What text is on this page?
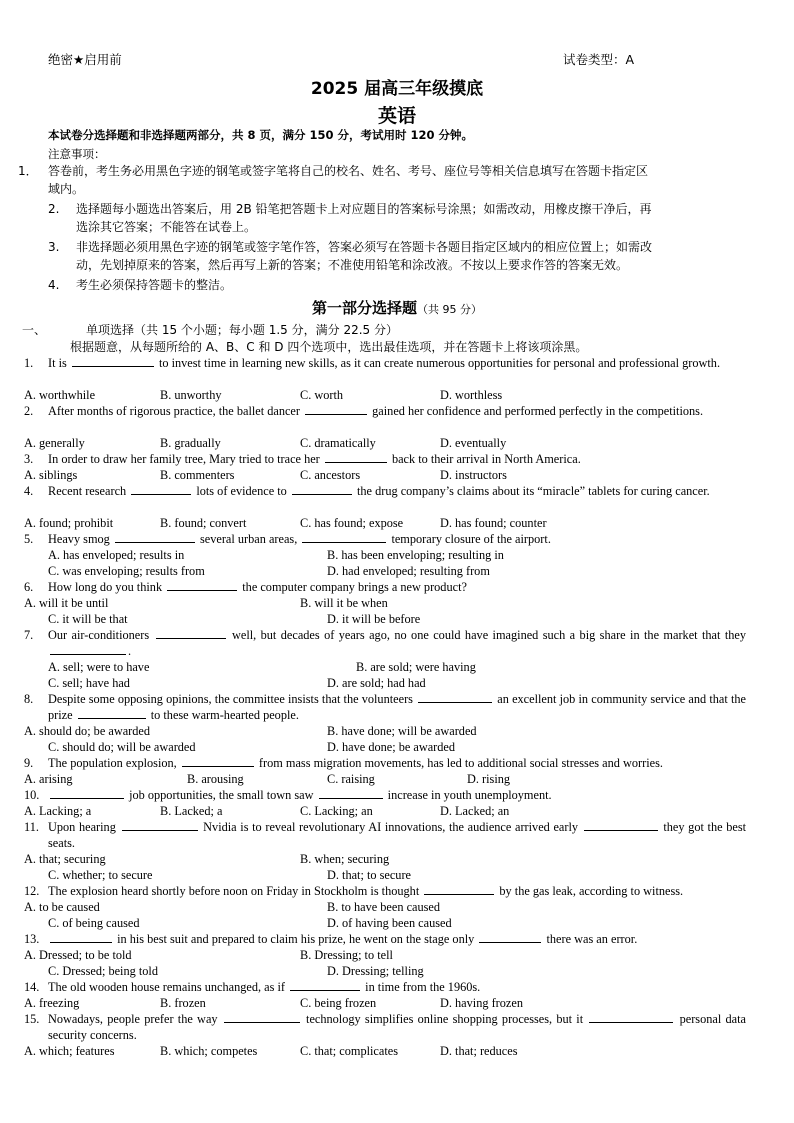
绝密★启用前	试卷类型：A
2025 届高三年级摸底
英语
本试卷分选择题和非选择题两部分，共 8 页，满分 150 分，考试用时 120 分钟。
注意事项：
1． 答卷前，考生务必用黑色字迹的钢笔或签字笔将自己的校名、姓名、考号、座位号等相关信息填写在答题卡指定区
域内。
2. 选择题每小题选出答案后，用 2B 铅笔把答题卡上对应题目的答案标号涂黑；如需改动，用橡皮擦干净后，再
选涂其它答案；不能答在试卷上。
3. 非选择题必须用黑色字迹的钢笔或签字笔作答，答案必须写在答题卡各题目指定区域内的相应位置上；如需改
动，先划掉原来的答案，然后再写上新的答案；不准使用铅笔和涂改液。不按以上要求作答的答案无效。
4. 考生必须保持答题卡的整洁。
第一部分选择题（共 95 分）
一、	单项选择（共 15 个小题；每小题 1.5 分，满分 22.5 分）
根据题意，从每题所给的 A、B、C 和 D 四个选项中，选出最佳选项，并在答题卡上将该项涂黑。
1. It is	to invest time in learning new skills, as it can create numerous opportunities for personal and professional growth.
A. worthwhile	B. unworthy	C. worth	D. worthless
2. After months of rigorous practice, the ballet dancer	gained her confidence and performed perfectly in the competitions.
A. generally	B. gradually	C. dramatically	D. eventually
3. In order to draw her family tree, Mary tried to trace her	back to their arrival in North America.
A. siblings	B. commenters	C. ancestors	D. instructors
4. Recent research	lots of evidence to	the drug company’s claims about its “miracle” tablets for curing cancer.
A. found; prohibit	B. found; convert	C. has found; expose	D. has found; counter
5. Heavy smog	several urban areas,	temporary closure of the airport.
A. has enveloped; results in	B. has been enveloping; resulting in
C. was enveloping; results from	D. had enveloped; resulting from
6. How long do you think	the computer company brings a new product?
A. will it be until	B. will it be when
C. it will be that	D. it will be before
7. Our air-conditioners	well, but decades of years ago, no one could have imagined such a big share in the market that they .
A. sell; were to have	B. are sold; were having
C. sell; have had	D. are sold; had had
8. Despite some opposing opinions, the committee insists that the volunteers	an excellent job in community service and that the prize	to these warm-hearted people.
A. should do; be awarded	B. have done; will be awarded
C. should do; will be awarded	D. have done; be awarded
9. The population explosion,	from mass migration movements, has led to additional social stresses and worries.
A. arising	B. arousing	C. raising	D. rising
10.	job opportunities, the small town saw	increase in youth unemployment.
A. Lacking; a	B. Lacked; a	C. Lacking; an	D. Lacked; an
11. Upon hearing	Nvidia is to reveal revolutionary AI innovations, the audience arrived early	they got the best seats.
A. that; securing	B. when; securing
C. whether; to secure	D. that; to secure
12. The explosion heard shortly before noon on Friday in Stockholm is thought	by the gas leak, according to witness.
A. to be caused	B. to have been caused
C. of being caused	D. of having been caused
13.	in his best suit and prepared to claim his prize, he went on the stage only	there was an error.
A. Dressed; to be told	B. Dressing; to tell
C. Dressed; being told	D. Dressing; telling
14. The old wooden house remains unchanged, as if	in time from the 1960s.
A. freezing	B. frozen	C. being frozen	D. having frozen
15. Nowadays, people prefer the way	technology simplifies online shopping processes, but it	personal data security concerns.
A. which; features	B. which; competes	C. that; complicates	D. that; reduces
